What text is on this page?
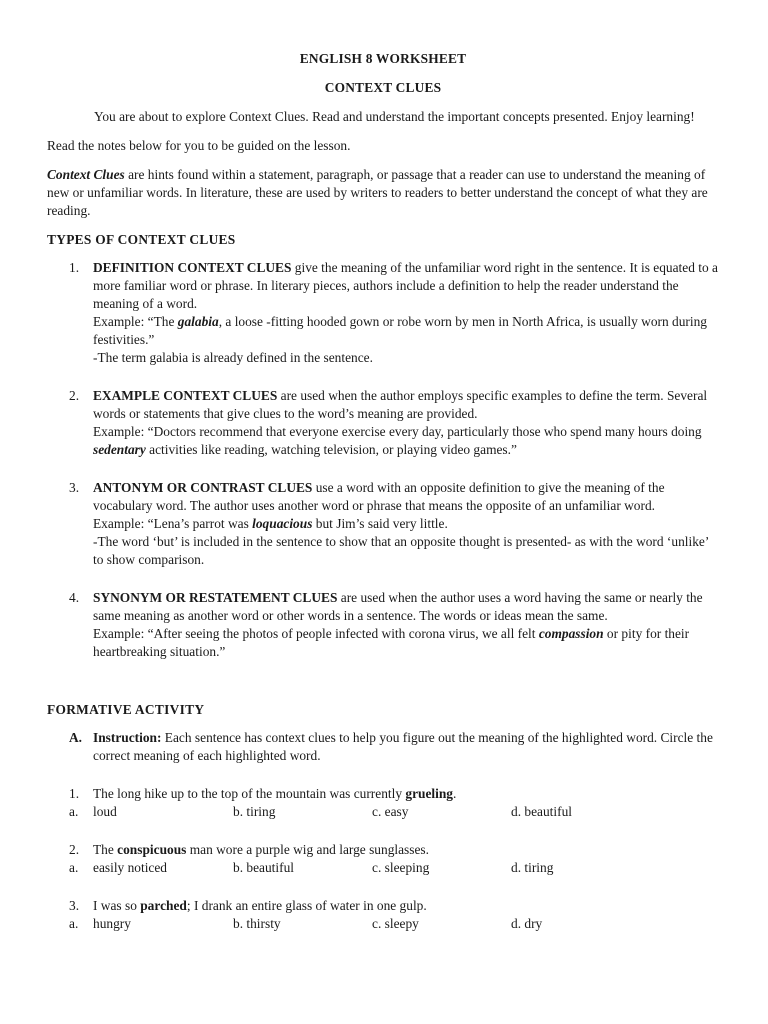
ENGLISH 8 WORKSHEET
CONTEXT CLUES
You are about to explore Context Clues. Read and understand the important concepts presented. Enjoy learning!
Read the notes below for you to be guided on the lesson.
Context Clues are hints found within a statement, paragraph, or passage that a reader can use to understand the meaning of new or unfamiliar words. In literature, these are used by writers to readers to better understand the concept of what they are reading.
TYPES OF CONTEXT CLUES
1. DEFINITION CONTEXT CLUES give the meaning of the unfamiliar word right in the sentence. It is equated to a more familiar word or phrase. In literary pieces, authors include a definition to help the reader understand the meaning of a word.
Example: “The galabia, a loose -fitting hooded gown or robe worn by men in North Africa, is usually worn during festivities.”
-The term galabia is already defined in the sentence.
2. EXAMPLE CONTEXT CLUES are used when the author employs specific examples to define the term. Several words or statements that give clues to the word’s meaning are provided.
Example: “Doctors recommend that everyone exercise every day, particularly those who spend many hours doing sedentary activities like reading, watching television, or playing video games.”
3. ANTONYM OR CONTRAST CLUES use a word with an opposite definition to give the meaning of the vocabulary word. The author uses another word or phrase that means the opposite of an unfamiliar word.
Example: “Lena’s parrot was loquacious but Jim’s said very little.
-The word ‘but’ is included in the sentence to show that an opposite thought is presented- as with the word ‘unlike’ to show comparison.
4. SYNONYM OR RESTATEMENT CLUES are used when the author uses a word having the same or nearly the same meaning as another word or other words in a sentence. The words or ideas mean the same.
Example: “After seeing the photos of people infected with corona virus, we all felt compassion or pity for their heartbreaking situation.”
FORMATIVE ACTIVITY
A. Instruction: Each sentence has context clues to help you figure out the meaning of the highlighted word. Circle the correct meaning of each highlighted word.
1. The long hike up to the top of the mountain was currently grueling.
a. loud	b. tiring	c. easy	d. beautiful
2. The conspicuous man wore a purple wig and large sunglasses.
a. easily noticed	b. beautiful	c. sleeping	d. tiring
3. I was so parched; I drank an entire glass of water in one gulp.
a. hungry	b. thirsty	c. sleepy	d. dry
